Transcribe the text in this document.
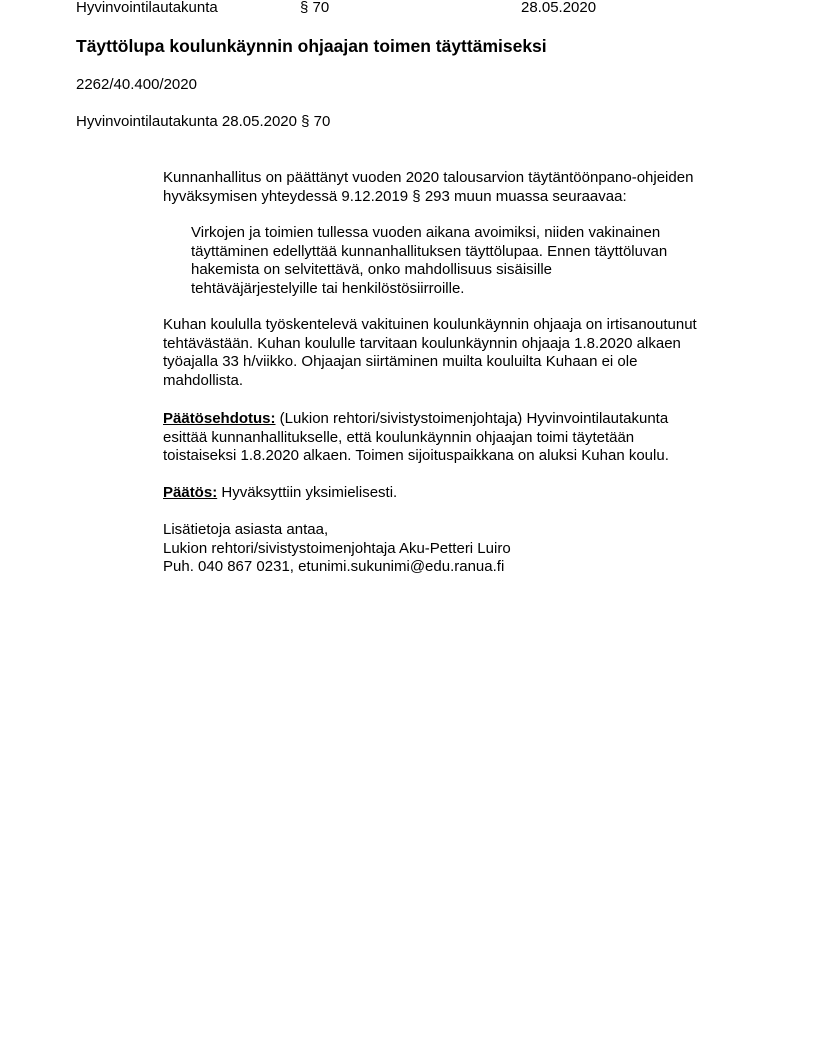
Hyvinvointilautakunta	§ 70	28.05.2020
Täyttölupa koulunkäynnin ohjaajan toimen täyttämiseksi
2262/40.400/2020
Hyvinvointilautakunta 28.05.2020 § 70
Kunnanhallitus on päättänyt vuoden 2020 talousarvion täytäntöönpano-ohjeiden
hyväksymisen yhteydessä 9.12.2019 § 293 muun muassa seuraavaa:
Virkojen ja toimien tullessa vuoden aikana avoimiksi, niiden vakinainen
täyttäminen edellyttää kunnanhallituksen täyttölupaa. Ennen täyttöluvan
hakemista on selvitettävä, onko mahdollisuus sisäisille
tehtäväjärjestelyille tai henkilöstösiirroille.
Kuhan koululla työskentelevä vakituinen koulunkäynnin ohjaaja on irtisanoutunut
tehtävästään. Kuhan koululle tarvitaan koulunkäynnin ohjaaja 1.8.2020 alkaen
työajalla 33 h/viikko. Ohjaajan siirtäminen muilta kouluilta Kuhaan ei ole
mahdollista.
Päätösehdotus: (Lukion rehtori/sivistystoimenjohtaja) Hyvinvointilautakunta
esittää kunnanhallitukselle, että koulunkäynnin ohjaajan toimi täytetään
toistaiseksi 1.8.2020 alkaen. Toimen sijoituspaikkana on aluksi Kuhan koulu.
Päätös: Hyväksyttiin yksimielisesti.
Lisätietoja asiasta antaa,
Lukion rehtori/sivistystoimenjohtaja Aku-Petteri Luiro
Puh. 040 867 0231, etunimi.sukunimi@edu.ranua.fi
